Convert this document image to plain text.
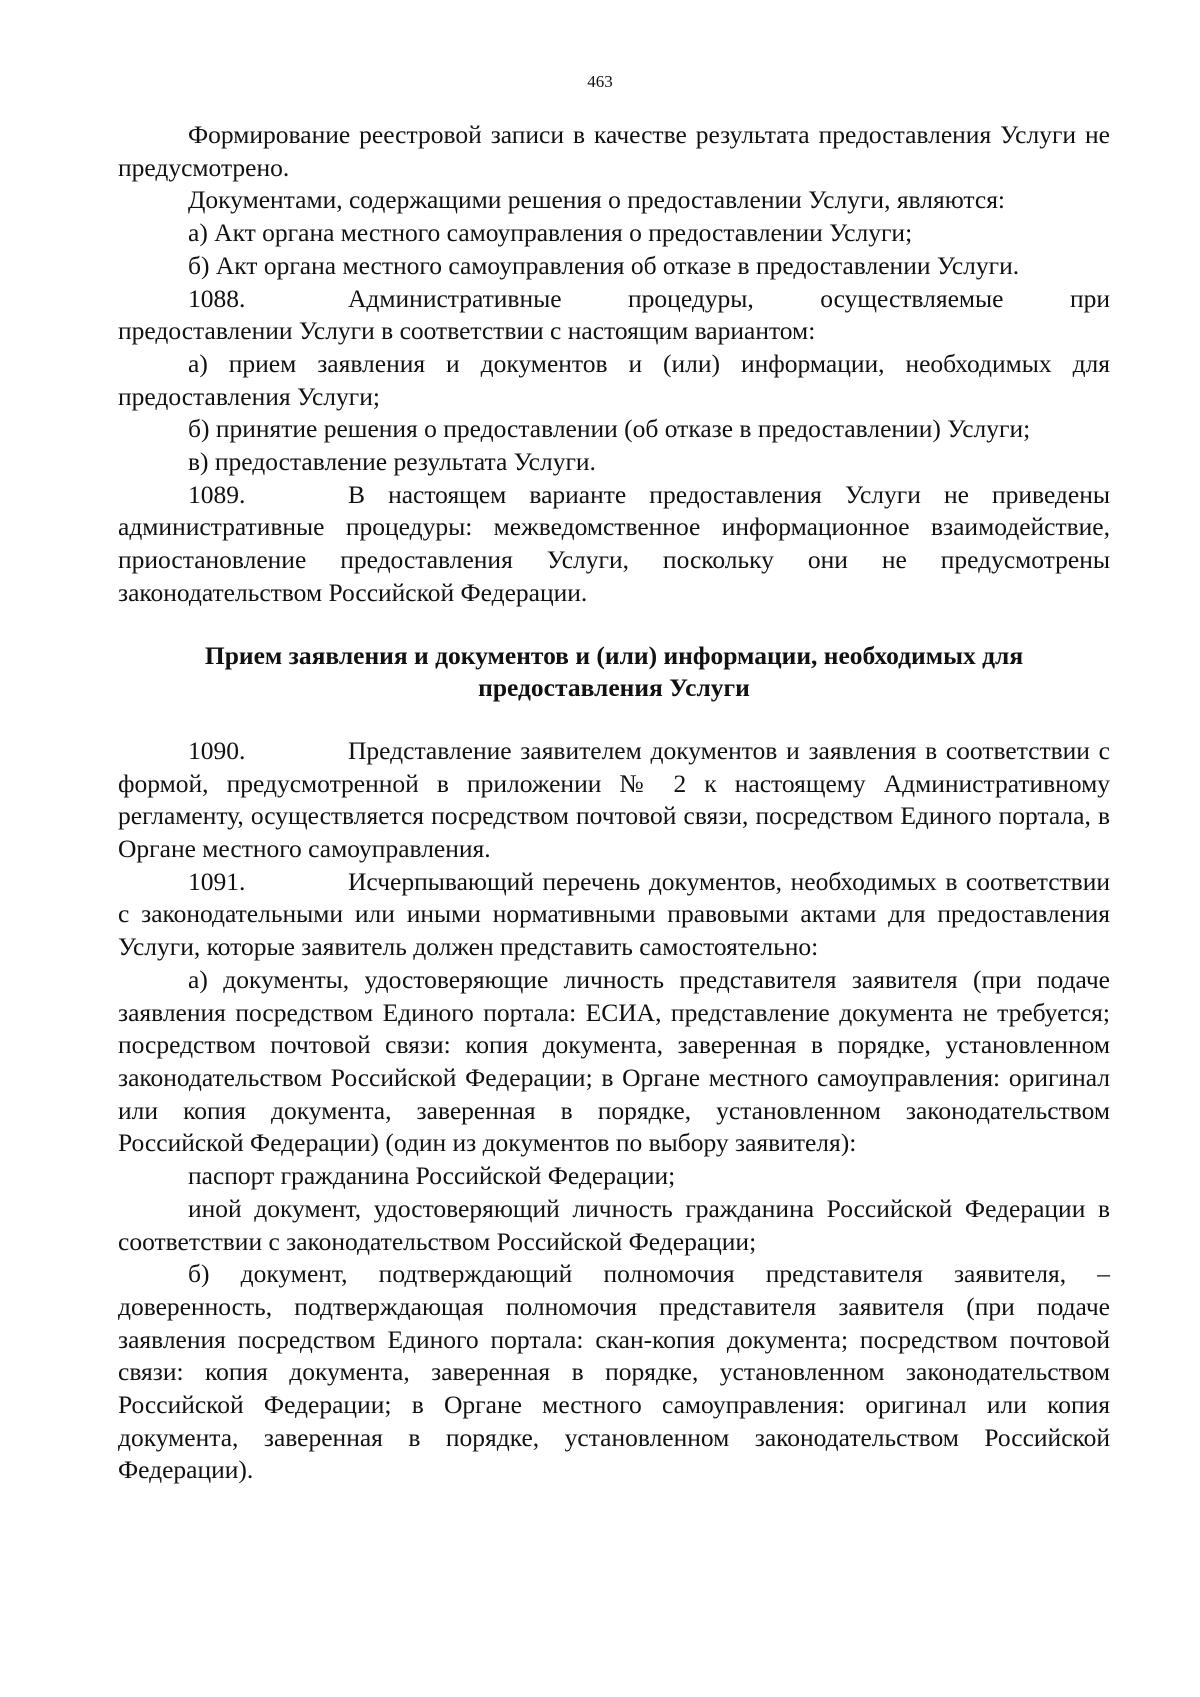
463

Формирование реестровой записи в качестве результата предоставления Услуги не предусмотрено.

Документами, содержащими решения о предоставлении Услуги, являются:

а) Акт органа местного самоуправления о предоставлении Услуги;

б) Акт органа местного самоуправления об отказе в предоставлении Услуги.

1088.	Административные процедуры, осуществляемые при предоставлении Услуги в соответствии с настоящим вариантом:

а) прием заявления и документов и (или) информации, необходимых для предоставления Услуги;

б) принятие решения о предоставлении (об отказе в предоставлении) Услуги;

в) предоставление результата Услуги.

1089.	В настоящем варианте предоставления Услуги не приведены административные процедуры: межведомственное информационное взаимодействие, приостановление предоставления Услуги, поскольку они не предусмотрены законодательством Российской Федерации.

Прием заявления и документов и (или) информации, необходимых для предоставления Услуги

1090.	Представление заявителем документов и заявления в соответствии с формой, предусмотренной в приложении № 2 к настоящему Административному регламенту, осуществляется посредством почтовой связи, посредством Единого портала, в Органе местного самоуправления.

1091.	Исчерпывающий перечень документов, необходимых в соответствии с законодательными или иными нормативными правовыми актами для предоставления Услуги, которые заявитель должен представить самостоятельно:

а) документы, удостоверяющие личность представителя заявителя (при подаче заявления посредством Единого портала: ЕСИА, представление документа не требуется; посредством почтовой связи: копия документа, заверенная в порядке, установленном законодательством Российской Федерации; в Органе местного самоуправления: оригинал или копия документа, заверенная в порядке, установленном законодательством Российской Федерации) (один из документов по выбору заявителя):

паспорт гражданина Российской Федерации;

иной документ, удостоверяющий личность гражданина Российской Федерации в соответствии с законодательством Российской Федерации;

б) документ, подтверждающий полномочия представителя заявителя, – доверенность, подтверждающая полномочия представителя заявителя (при подаче заявления посредством Единого портала: скан-копия документа; посредством почтовой связи: копия документа, заверенная в порядке, установленном законодательством Российской Федерации; в Органе местного самоуправления: оригинал или копия документа, заверенная в порядке, установленном законодательством Российской Федерации).
